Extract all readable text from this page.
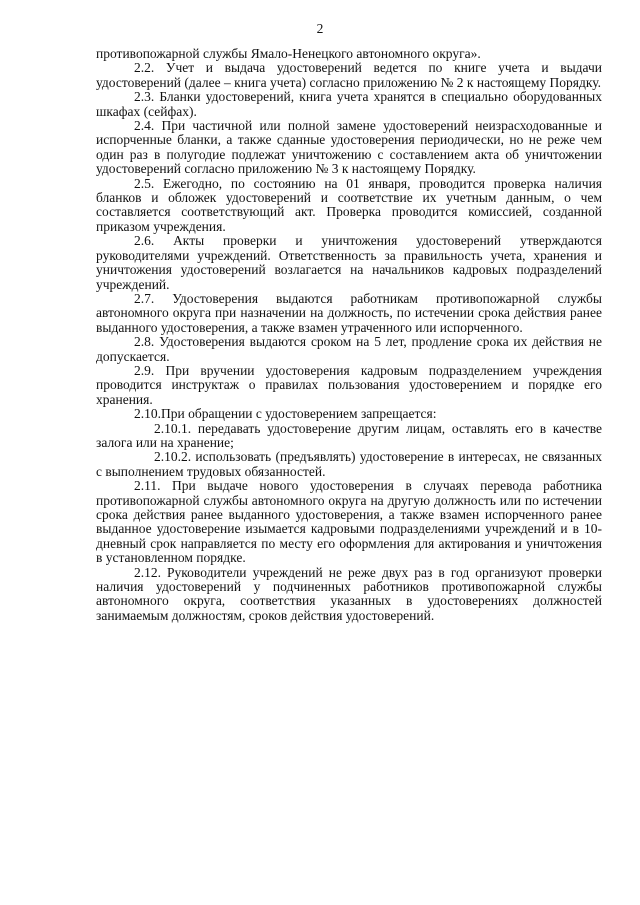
2

противопожарной службы Ямало-Ненецкого автономного округа».

2.2. Учет и выдача удостоверений ведется по книге учета и выдачи удостоверений (далее – книга учета) согласно приложению № 2 к настоящему Порядку.

2.3. Бланки удостоверений, книга учета хранятся в специально оборудованных шкафах (сейфах).

2.4. При частичной или полной замене удостоверений неизрасходованные и испорченные бланки, а также сданные удостоверения периодически, но не реже чем один раз в полугодие подлежат уничтожению с составлением акта об уничтожении удостоверений согласно приложению № 3 к настоящему Порядку.

2.5. Ежегодно, по состоянию на 01 января, проводится проверка наличия бланков и обложек удостоверений и соответствие их учетным данным, о чем составляется соответствующий акт. Проверка проводится комиссией, созданной приказом учреждения.

2.6. Акты проверки и уничтожения удостоверений утверждаются руководителями учреждений. Ответственность за правильность учета, хранения и уничтожения удостоверений возлагается на начальников кадровых подразделений учреждений.

2.7. Удостоверения выдаются работникам противопожарной службы автономного округа при назначении на должность, по истечении срока действия ранее выданного удостоверения, а также взамен утраченного или испорченного.

2.8. Удостоверения выдаются сроком на 5 лет, продление срока их действия не допускается.

2.9. При вручении удостоверения кадровым подразделением учреждения проводится инструктаж о правилах пользования удостоверением и порядке его хранения.

2.10.При обращении с удостоверением запрещается:

2.10.1. передавать удостоверение другим лицам, оставлять его в качестве залога или на хранение;

2.10.2. использовать (предъявлять) удостоверение в интересах, не связанных с выполнением трудовых обязанностей.

2.11. При выдаче нового удостоверения в случаях перевода работника противопожарной службы автономного округа на другую должность или по истечении срока действия ранее выданного удостоверения, а также взамен испорченного ранее выданное удостоверение изымается кадровыми подразделениями учреждений и в 10-дневный срок направляется по месту его оформления для актирования и уничтожения в установленном порядке.

2.12. Руководители учреждений не реже двух раз в год организуют проверки наличия удостоверений у подчиненных работников противопожарной службы автономного округа, соответствия указанных в удостоверениях должностей занимаемым должностям, сроков действия удостоверений.
